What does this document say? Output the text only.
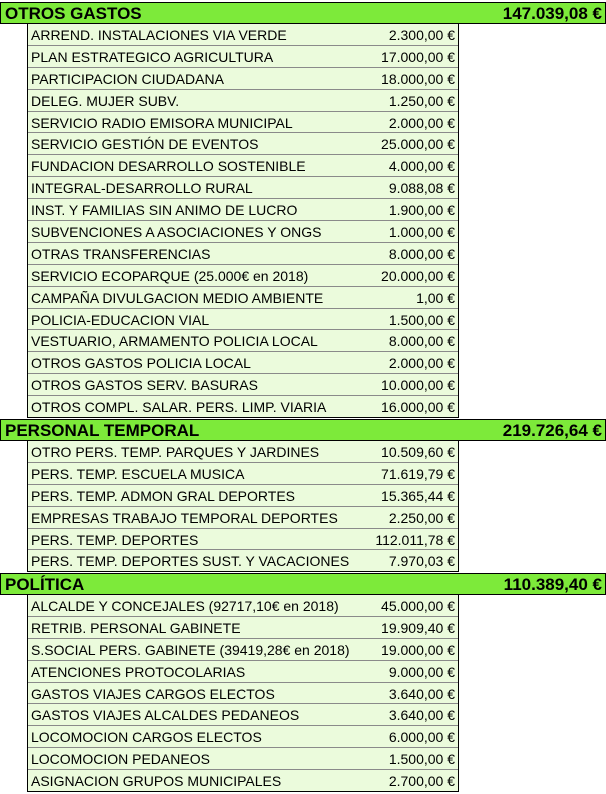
OTROS GASTOS	147.039,08 €
ARREND. INSTALACIONES VIA VERDE	2.300,00 €
PLAN ESTRATEGICO AGRICULTURA	17.000,00 €
PARTICIPACION CIUDADANA	18.000,00 €
DELEG. MUJER SUBV.	1.250,00 €
SERVICIO RADIO EMISORA MUNICIPAL	2.000,00 €
SERVICIO GESTIÓN DE EVENTOS	25.000,00 €
FUNDACION DESARROLLO SOSTENIBLE	4.000,00 €
INTEGRAL-DESARROLLO RURAL	9.088,08 €
INST. Y FAMILIAS SIN ANIMO DE LUCRO	1.900,00 €
SUBVENCIONES A ASOCIACIONES Y ONGS	1.000,00 €
OTRAS TRANSFERENCIAS	8.000,00 €
SERVICIO ECOPARQUE (25.000€ en 2018)	20.000,00 €
CAMPAÑA DIVULGACION MEDIO AMBIENTE	1,00 €
POLICIA-EDUCACION VIAL	1.500,00 €
VESTUARIO, ARMAMENTO POLICIA LOCAL	8.000,00 €
OTROS GASTOS POLICIA LOCAL	2.000,00 €
OTROS GASTOS SERV. BASURAS	10.000,00 €
OTROS COMPL. SALAR. PERS. LIMP. VIARIA	16.000,00 €
PERSONAL TEMPORAL	219.726,64 €
OTRO PERS. TEMP. PARQUES Y JARDINES	10.509,60 €
PERS. TEMP. ESCUELA MUSICA	71.619,79 €
PERS. TEMP. ADMON GRAL DEPORTES	15.365,44 €
EMPRESAS TRABAJO TEMPORAL DEPORTES	2.250,00 €
PERS. TEMP. DEPORTES	112.011,78 €
PERS. TEMP. DEPORTES SUST. Y VACACIONES	7.970,03 €
POLÍTICA	110.389,40 €
ALCALDE Y CONCEJALES (92717,10€ en 2018)	45.000,00 €
RETRIB. PERSONAL GABINETE	19.909,40 €
S.SOCIAL PERS. GABINETE (39419,28€ en 2018) 19.000,00 €
ATENCIONES PROTOCOLARIAS	9.000,00 €
GASTOS VIAJES CARGOS ELECTOS	3.640,00 €
GASTOS VIAJES ALCALDES PEDANEOS	3.640,00 €
LOCOMOCION CARGOS ELECTOS	6.000,00 €
LOCOMOCION PEDANEOS	1.500,00 €
ASIGNACION GRUPOS MUNICIPALES	2.700,00 €
